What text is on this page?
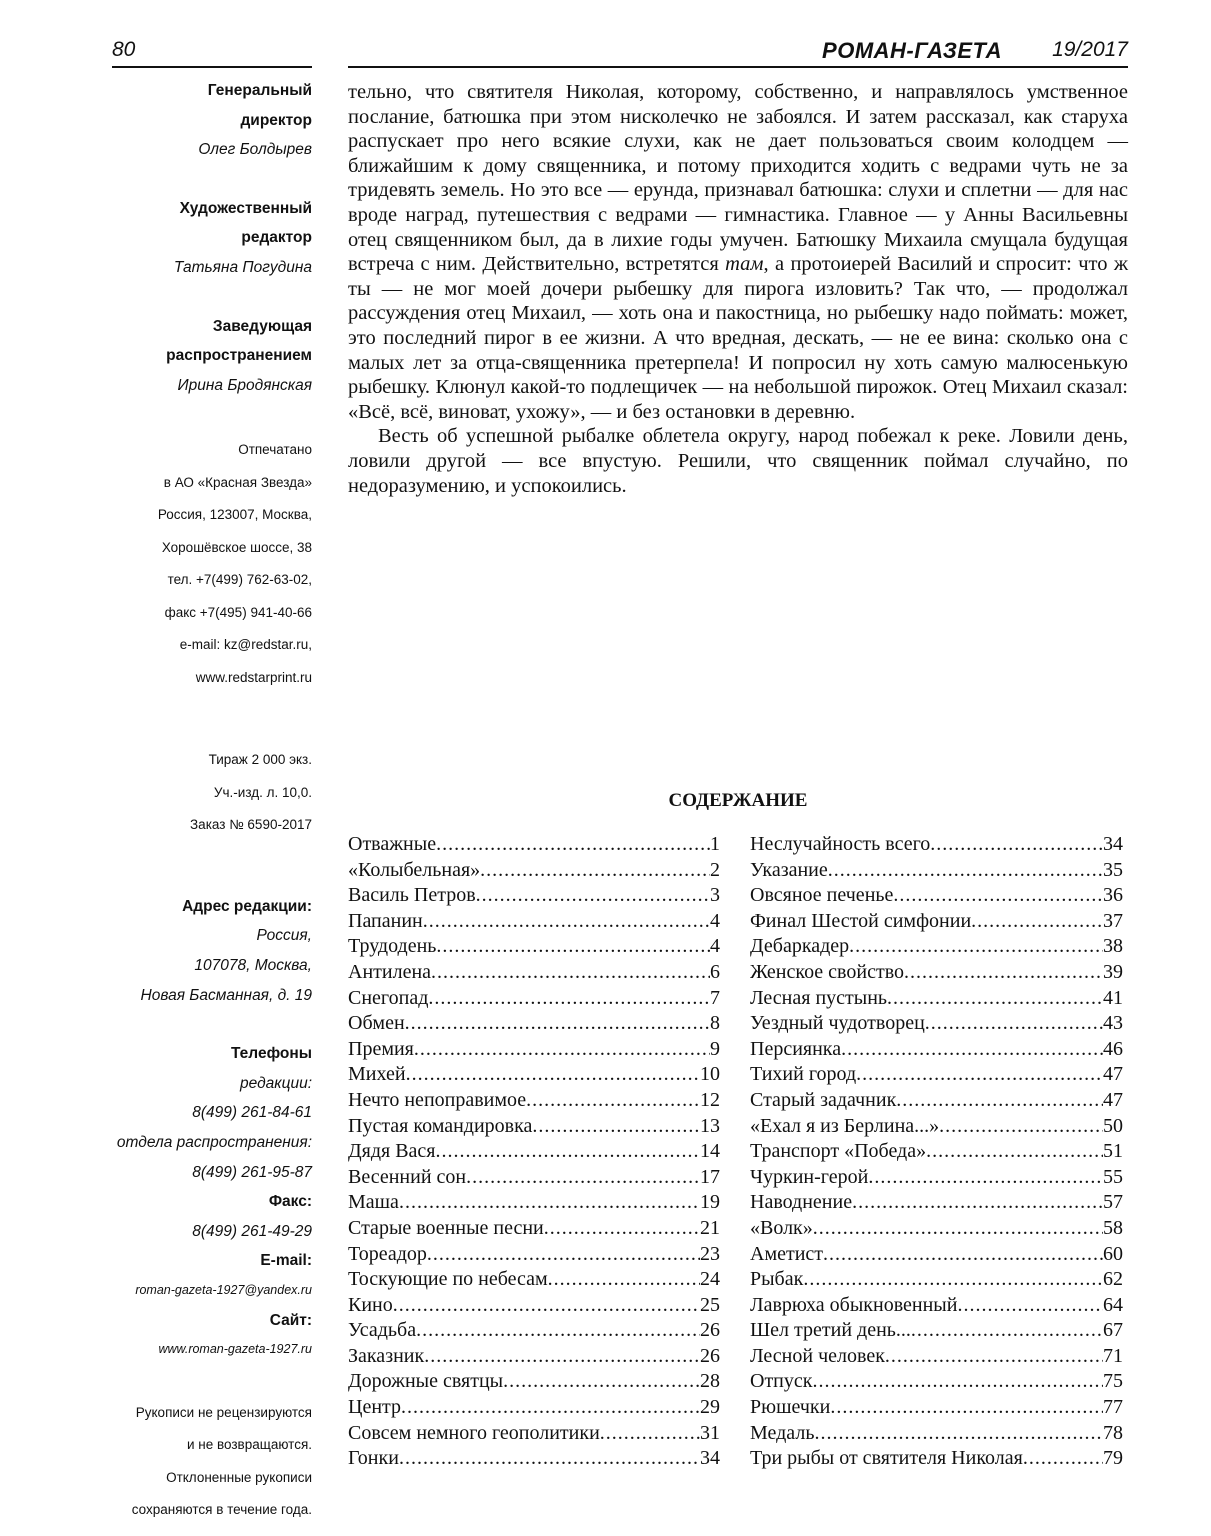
80	РОМАН-ГАЗЕТА 19/2017
Генеральный
директор
Олег Болдырев
Художественный
редактор
Татьяна Погудина
Заведующая
распространением
Ирина Бродянская
Отпечатано
в АО «Красная Звезда»
Россия, 123007, Москва,
Хорошёвское шоссе, 38
тел. +7(499) 762-63-02,
факс +7(495) 941-40-66
e-mail: kz@redstar.ru,
www.redstarprint.ru
Тираж 2 000 экз.
Уч.-изд. л. 10,0.
Заказ № 6590-2017
Адрес редакции:
Россия,
107078, Москва,
Новая Басманная, д. 19
Телефоны
редакции:
8(499) 261-84-61
отдела распространения:
8(499) 261-95-87
Факс:
8(499) 261-49-29
E-mail:
roman-gazeta-1927@yandex.ru
Сайт:
www.roman-gazeta-1927.ru
Рукописи не рецензируются
и не возвращаются.
Отклоненные рукописи
сохраняются в течение года.

тельно, что святителя Николая, которому, собственно, и направлялось умственное послание, батюшка при этом нисколечко не забоялся. И затем рассказал, как старуха распускает про него всякие слухи, как не дает пользоваться своим колодцем — ближайшим к дому священника, и потому приходится ходить с ведрами чуть не за тридевять земель. Но это все — ерунда, признавал батюшка: слухи и сплетни — для нас вроде наград, путешествия с ведрами — гимнастика. Главное — у Анны Васильевны отец священником был, да в лихие годы умучен. Батюшку Михаила смущала будущая встреча с ним. Действительно, встретятся там, а протоиерей Василий и спросит: что ж ты — не мог моей дочери рыбешку для пирога изловить? Так что, — продолжал рассуждения отец Михаил, — хоть она и пакостница, но рыбешку надо поймать: может, это последний пирог в ее жизни. А что вредная, дескать, — не ее вина: сколько она с малых лет за отца-священника претерпела! И попросил ну хоть самую малюсенькую рыбешку. Клюнул какой-то подлещичек — на небольшой пирожок. Отец Михаил сказал: «Всё, всё, виноват, ухожу», — и без остановки в деревню.

Весть об успешной рыбалке облетела округу, народ побежал к реке. Ловили день, ловили другой — все впустую. Решили, что священник поймал случайно, по недоразумению, и успокоились.

СОДЕРЖАНИЕ
Отважные .....	1
«Колыбельная» .....	2
Василь Петров .....	3
Папанин .....	4
Трудодень .....	4
Антилена .....	6
Снегопад .....	7
Обмен .....	8
Премия .....	9
Михей .....	10
Нечто непоправимое .....	12
Пустая командировка .....	13
Дядя Вася .....	14
Весенний сон .....	17
Маша .....	19
Старые военные песни .....	21
Тореадор .....	23
Тоскующие по небесам .....	24
Кино .....	25
Усадьба .....	26
Заказник .....	26
Дорожные святцы .....	28
Центр .....	29
Совсем немного геополитики .....	31
Гонки .....	34
Неслучайность всего .....	34
Указание .....	35
Овсяное печенье .....	36
Финал Шестой симфонии .....	37
Дебаркадер .....	38
Женское свойство .....	39
Лесная пустынь .....	41
Уездный чудотворец .....	43
Персиянка .....	46
Тихий город .....	47
Старый задачник .....	47
«Ехал я из Берлина...» .....	50
Транспорт «Победа» .....	51
Чуркин-герой .....	55
Наводнение .....	57
«Волк» .....	58
Аметист .....	60
Рыбак .....	62
Лаврюха обыкновенный .....	64
Шел третий день... .....	67
Лесной человек .....	71
Отпуск .....	75
Рюшечки .....	77
Медаль .....	78
Три рыбы от святителя Николая .....	79
